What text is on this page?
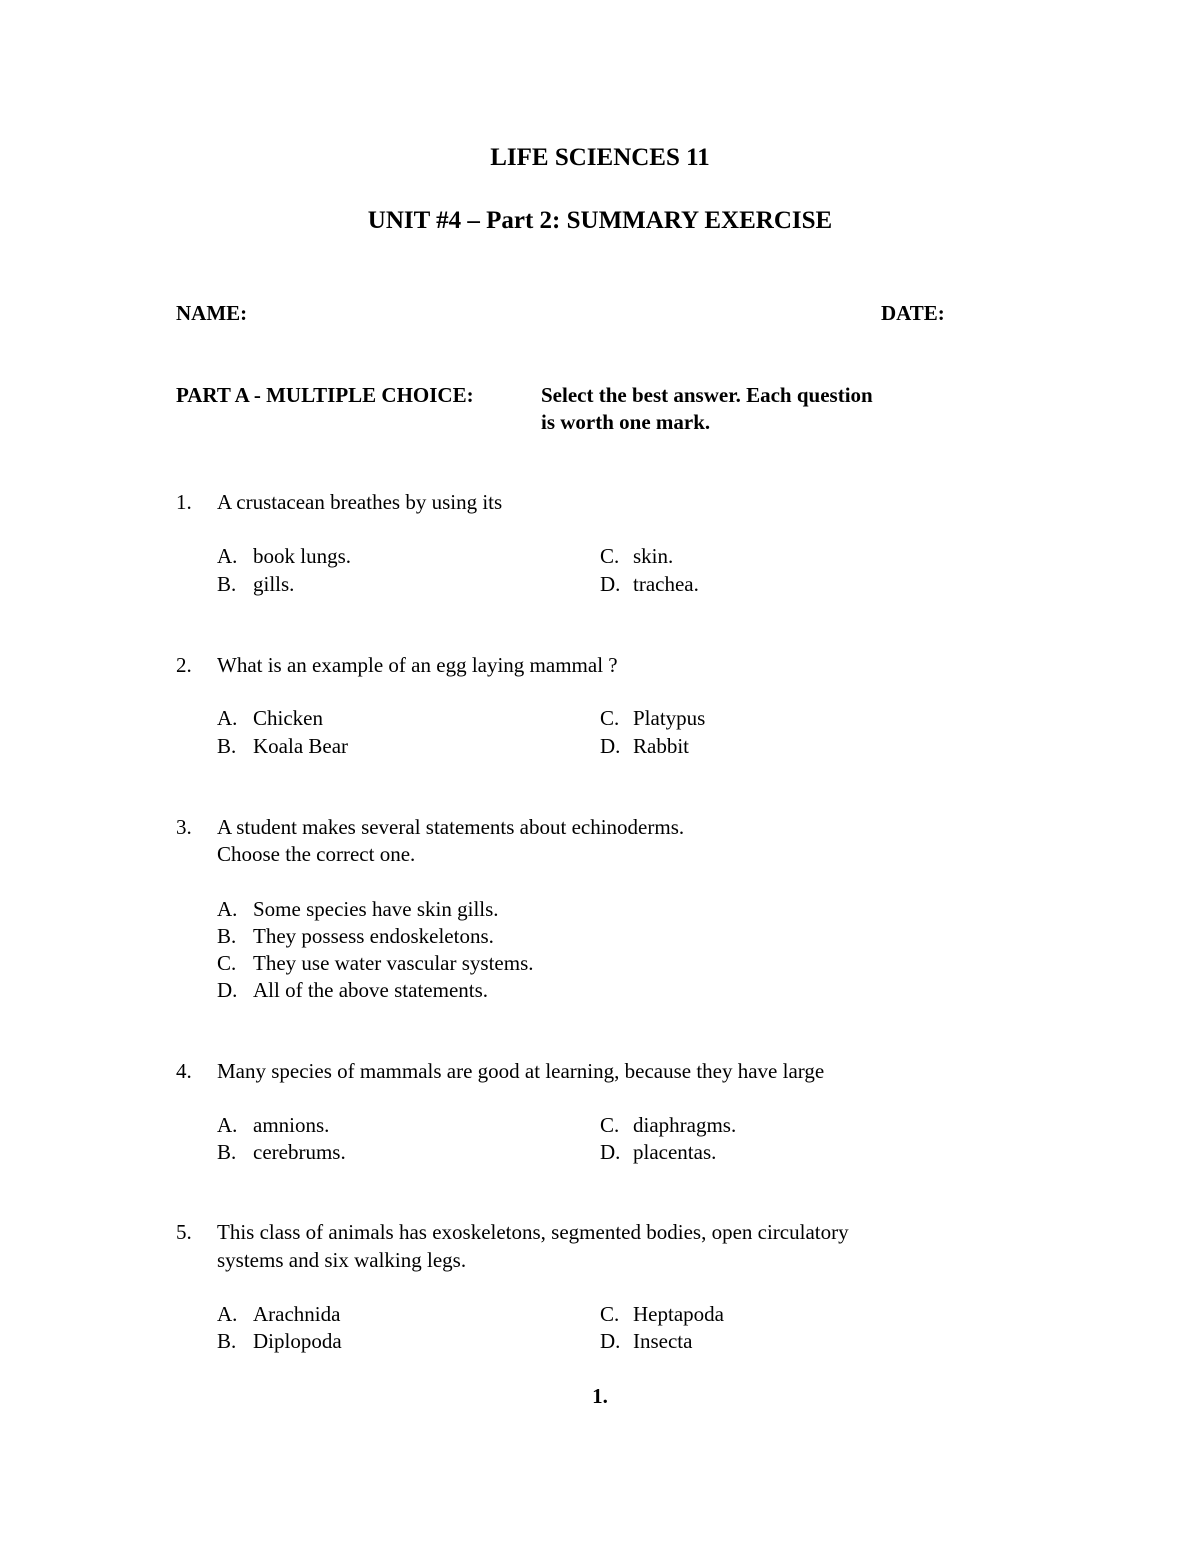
LIFE SCIENCES 11
UNIT #4 – Part 2: SUMMARY EXERCISE
NAME:	DATE:
PART A - MULTIPLE CHOICE:	Select the best answer. Each question
is worth one mark.
1. A crustacean breathes by using its
A. book lungs.
B. gills.
C. skin.
D. trachea.
2. What is an example of an egg laying mammal ?
A. Chicken
B. Koala Bear
C. Platypus
D. Rabbit
3. A student makes several statements about echinoderms.
Choose the correct one.
A. Some species have skin gills.
B. They possess endoskeletons.
C. They use water vascular systems.
D. All of the above statements.
4. Many species of mammals are good at learning, because they have large
A. amnions.
B. cerebrums.
C. diaphragms.
D. placentas.
5. This class of animals has exoskeletons, segmented bodies, open circulatory
systems and six walking legs.
A. Arachnida
B. Diplopoda
C. Heptapoda
D. Insecta
1.
